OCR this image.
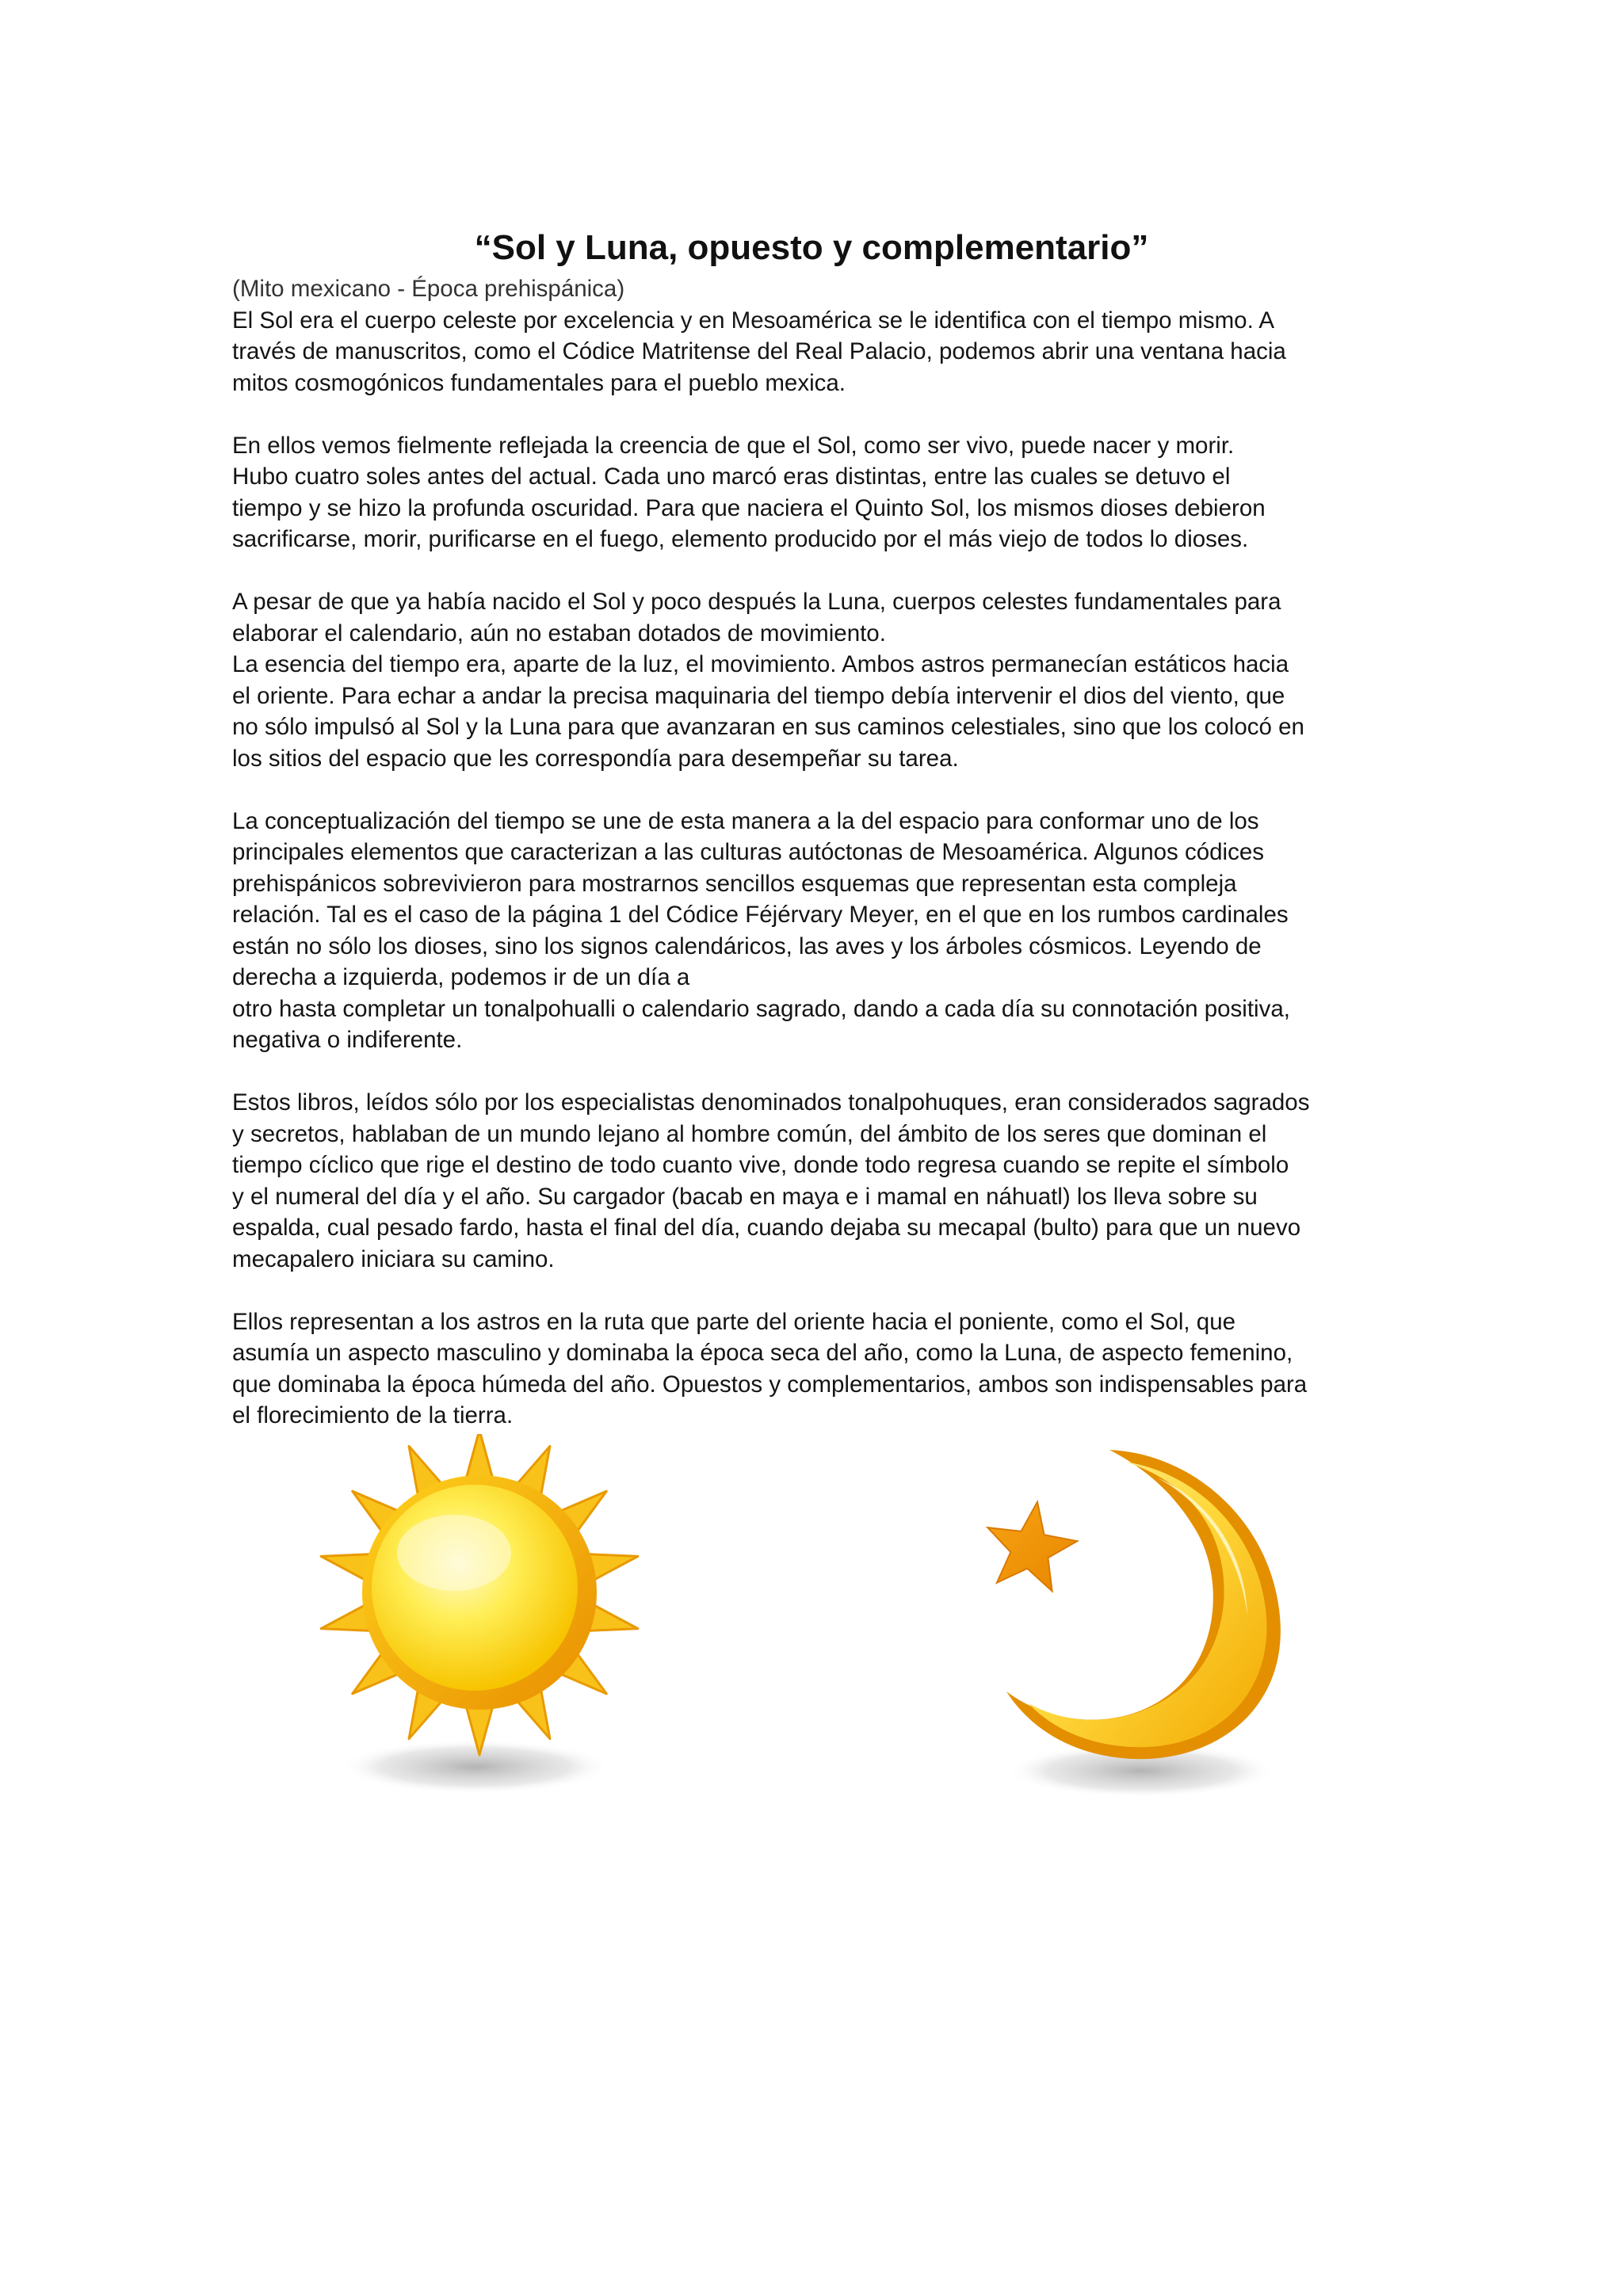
“Sol y Luna, opuesto y complementario”
(Mito mexicano - Época prehispánica)
El Sol era el cuerpo celeste por excelencia y en Mesoamérica se le identifica con el tiempo mismo. A
través de manuscritos, como el Códice Matritense del Real Palacio, podemos abrir una ventana hacia
mitos cosmogónicos fundamentales para el pueblo mexica.
En ellos vemos fielmente reflejada la creencia de que el Sol, como ser vivo, puede nacer y morir.
Hubo cuatro soles antes del actual. Cada uno marcó eras distintas, entre las cuales se detuvo el
tiempo y se hizo la profunda oscuridad. Para que naciera el Quinto Sol, los mismos dioses debieron
sacrificarse, morir, purificarse en el fuego, elemento producido por el más viejo de todos lo dioses.
A pesar de que ya había nacido el Sol y poco después la Luna, cuerpos celestes fundamentales para
elaborar el calendario, aún no estaban dotados de movimiento.
La esencia del tiempo era, aparte de la luz, el movimiento. Ambos astros permanecían estáticos hacia
el oriente. Para echar a andar la precisa maquinaria del tiempo debía intervenir el dios del viento, que
no sólo impulsó al Sol y la Luna para que avanzaran en sus caminos celestiales, sino que los colocó en
los sitios del espacio que les correspondía para desempeñar su tarea.
La conceptualización del tiempo se une de esta manera a la del espacio para conformar uno de los
principales elementos que caracterizan a las culturas autóctonas de Mesoamérica. Algunos códices
prehispánicos sobrevivieron para mostrarnos sencillos esquemas que representan esta compleja
relación. Tal es el caso de la página 1 del Códice Féjérvary Meyer, en el que en los rumbos cardinales
están no sólo los dioses, sino los signos calendáricos, las aves y los árboles cósmicos. Leyendo de
derecha a izquierda, podemos ir de un día a
otro hasta completar un tonalpohualli o calendario sagrado, dando a cada día su connotación positiva,
negativa o indiferente.
Estos libros, leídos sólo por los especialistas denominados tonalpohuques, eran considerados sagrados
y secretos, hablaban de un mundo lejano al hombre común, del ámbito de los seres que dominan el
tiempo cíclico que rige el destino de todo cuanto vive, donde todo regresa cuando se repite el símbolo
y el numeral del día y el año. Su cargador (bacab en maya e i mamal en náhuatl) los lleva sobre su
espalda, cual pesado fardo, hasta el final del día, cuando dejaba su mecapal (bulto) para que un nuevo
mecapalero iniciara su camino.
Ellos representan a los astros en la ruta que parte del oriente hacia el poniente, como el Sol, que
asumía un aspecto masculino y dominaba la época seca del año, como la Luna, de aspecto femenino,
que dominaba la época húmeda del año. Opuestos y complementarios, ambos son indispensables para
el florecimiento de la tierra.
